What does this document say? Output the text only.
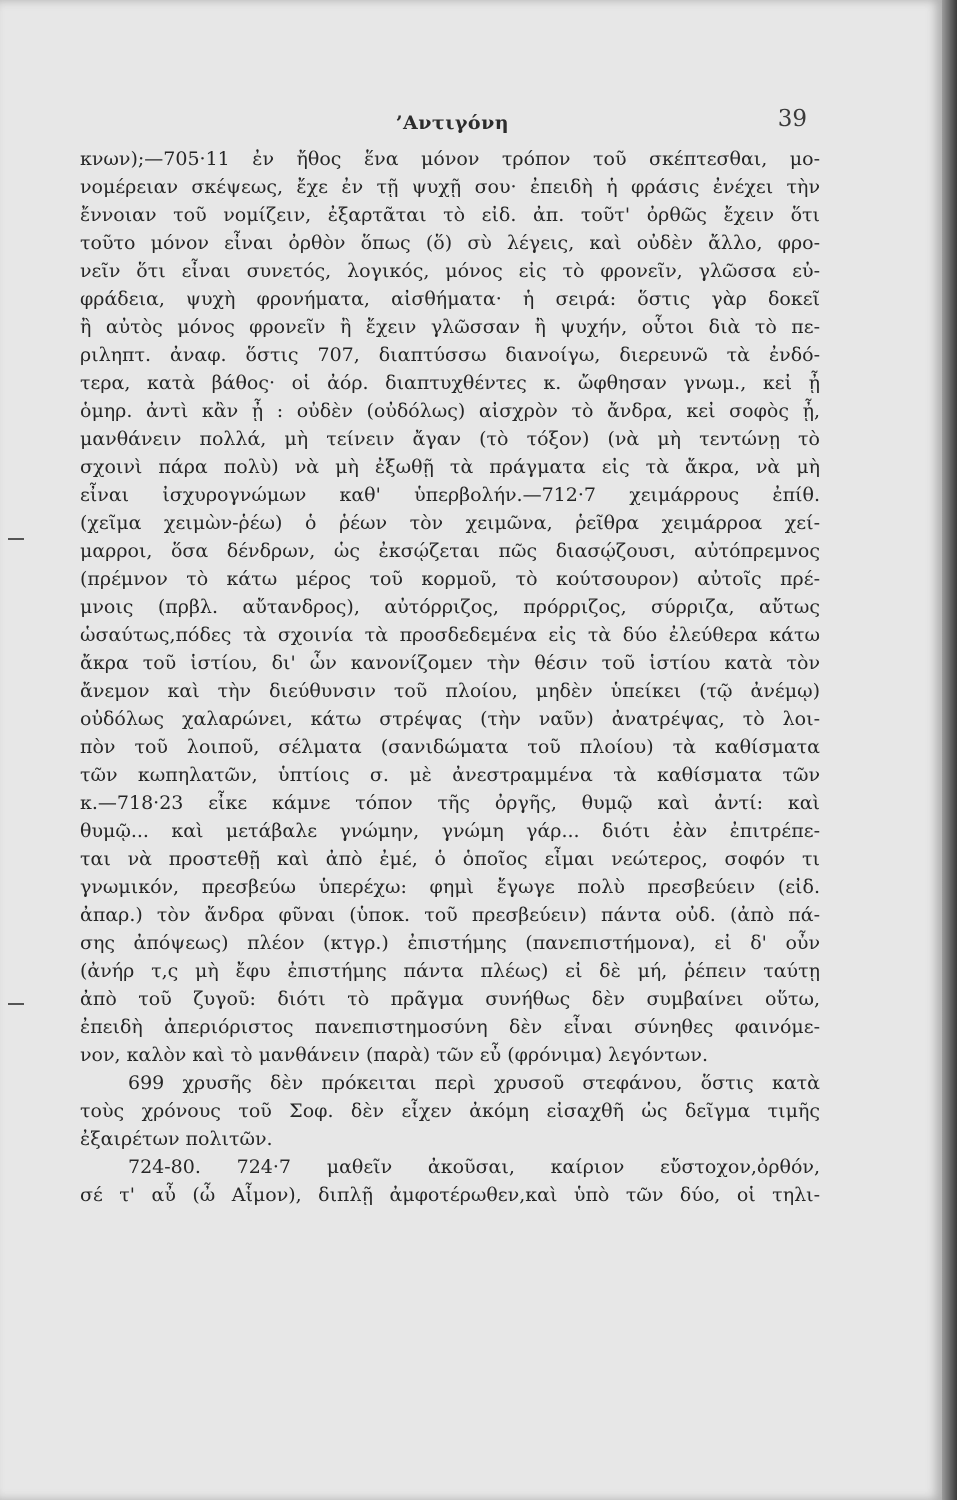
’Αντιγόνη	39
κνων);—705·11 ἐν ἤθος ἕνα μόνον τρόπον τοῦ σκέπτεσθαι, μο-
νομέρειαν σκέψεως, ἔχε ἐν τῇ ψυχῇ σου· ἐπειδὴ ἡ φράσις ἐνέχει τὴν
ἔννοιαν τοῦ νομίζειν, ἐξαρτᾶται τὸ εἰδ. ἀπ. τοῦτ' ὀρθῶς ἔχειν ὅτι
τοῦτο μόνον εἶναι ὀρθὸν ὅπως (ὅ) σὺ λέγεις, καὶ οὐδὲν ἄλλο, φρο-
νεῖν ὅτι εἶναι συνετός, λογικός, μόνος εἰς τὸ φρονεῖν, γλῶσσα εὐ-
φράδεια, ψυχὴ φρονήματα, αἰσθήματα· ἡ σειρά: ὅστις γὰρ δοκεῖ
ἢ αὐτὸς μόνος φρονεῖν ἢ ἔχειν γλῶσσαν ἢ ψυχήν, οὗτοι διὰ τὸ πε-
ριληπτ. ἀναφ. ὅστις 707, διαπτύσσω διανοίγω, διερευνῶ τὰ ἐνδό-
τερα, κατὰ βάθος· οἱ ἀόρ. διαπτυχθέντες κ. ὤφθησαν γνωμ., κεἰ ᾖ
ὁμηρ. ἀντὶ κἂν ᾖ : οὐδὲν (οὐδόλως) αἰσχρὸν τὸ ἄνδρα, κεἰ σοφὸς ᾖ,
μανθάνειν πολλά, μὴ τείνειν ἄγαν (τὸ τόξον) (νὰ μὴ τεντώνῃ τὸ
σχοινὶ πάρα πολὺ) νὰ μὴ ἐξωθῇ τὰ πράγματα εἰς τὰ ἄκρα, νὰ μὴ
εἶναι ἰσχυρογνώμων καθ' ὑπερβολήν.—712·7 χειμάρρους ἐπίθ.
(χεῖμα χειμὼν-ῥέω) ὁ ῥέων τὸν χειμῶνα, ῥεῖθρα χειμάρροα χεί-
μαρροι, ὅσα δένδρων, ὡς ἐκσῴζεται πῶς διασῴζουσι, αὐτόπρεμνος
(πρέμνον τὸ κάτω μέρος τοῦ κορμοῦ, τὸ κούτσουρον) αὐτοῖς πρέ-
μνοις (πρβλ. αὔτανδρος), αὐτόρριζος, πρόρριζος, σύρριζα, αὔτως
ὡσαύτως,πόδες τὰ σχοινία τὰ προσδεδεμένα εἰς τὰ δύο ἐλεύθερα κάτω
ἄκρα τοῦ ἱστίου, δι' ὧν κανονίζομεν τὴν θέσιν τοῦ ἱστίου κατὰ τὸν
ἄνεμον καὶ τὴν διεύθυνσιν τοῦ πλοίου, μηδὲν ὑπείκει (τῷ ἀνέμῳ)
οὐδόλως χαλαρώνει, κάτω στρέψας (τὴν ναῦν) ἀνατρέψας, τὸ λοι-
πὸν τοῦ λοιποῦ, σέλματα (σανιδώματα τοῦ πλοίου) τὰ καθίσματα
τῶν κωπηλατῶν, ὑπτίοις σ. μὲ ἀνεστραμμένα τὰ καθίσματα τῶν
κ.—718·23 εἶκε κάμνε τόπον τῆς ὀργῆς, θυμῷ καὶ ἀντί: καὶ
θυμῷ... καὶ μετάβαλε γνώμην, γνώμη γάρ... διότι ἐὰν ἐπιτρέπε-
ται νὰ προστεθῇ καὶ ἀπὸ ἐμέ, ὁ ὁποῖος εἶμαι νεώτερος, σοφόν τι
γνωμικόν, πρεσβεύω ὑπερέχω: φημὶ ἔγωγε πολὺ πρεσβεύειν (εἰδ.
ἀπαρ.) τὸν ἄνδρα φῦναι (ὑποκ. τοῦ πρεσβεύειν) πάντα οὐδ. (ἀπὸ πά-
σης ἀπόψεως) πλέον (κτγρ.) ἐπιστήμης (πανεπιστήμονα), εἰ δ' οὖν
(ἀνήρ τ,ς μὴ ἔφυ ἐπιστήμης πάντα πλέως) εἰ δὲ μή, ῥέπειν ταύτῃ
ἀπὸ τοῦ ζυγοῦ: διότι τὸ πρᾶγμα συνήθως δὲν συμβαίνει οὕτω,
ἐπειδὴ ἀπεριόριστος πανεπιστημοσύνη δὲν εἶναι σύνηθες φαινόμε-
νον, καλὸν καὶ τὸ μανθάνειν (παρὰ) τῶν εὖ (φρόνιμα) λεγόντων.
699 χρυσῆς δὲν πρόκειται περὶ χρυσοῦ στεφάνου, ὅστις κατὰ
τοὺς χρόνους τοῦ Σοφ. δὲν εἶχεν ἀκόμη εἰσαχθῆ ὡς δεῖγμα τιμῆς
ἐξαιρέτων πολιτῶν.
724-80. 724·7 μαθεῖν ἀκοῦσαι, καίριον εὔστοχον,ὀρθόν,
σέ τ' αὖ (ὦ Αἷμον), διπλῇ ἀμφοτέρωθεν,καὶ ὑπὸ τῶν δύο, οἱ τηλι-
